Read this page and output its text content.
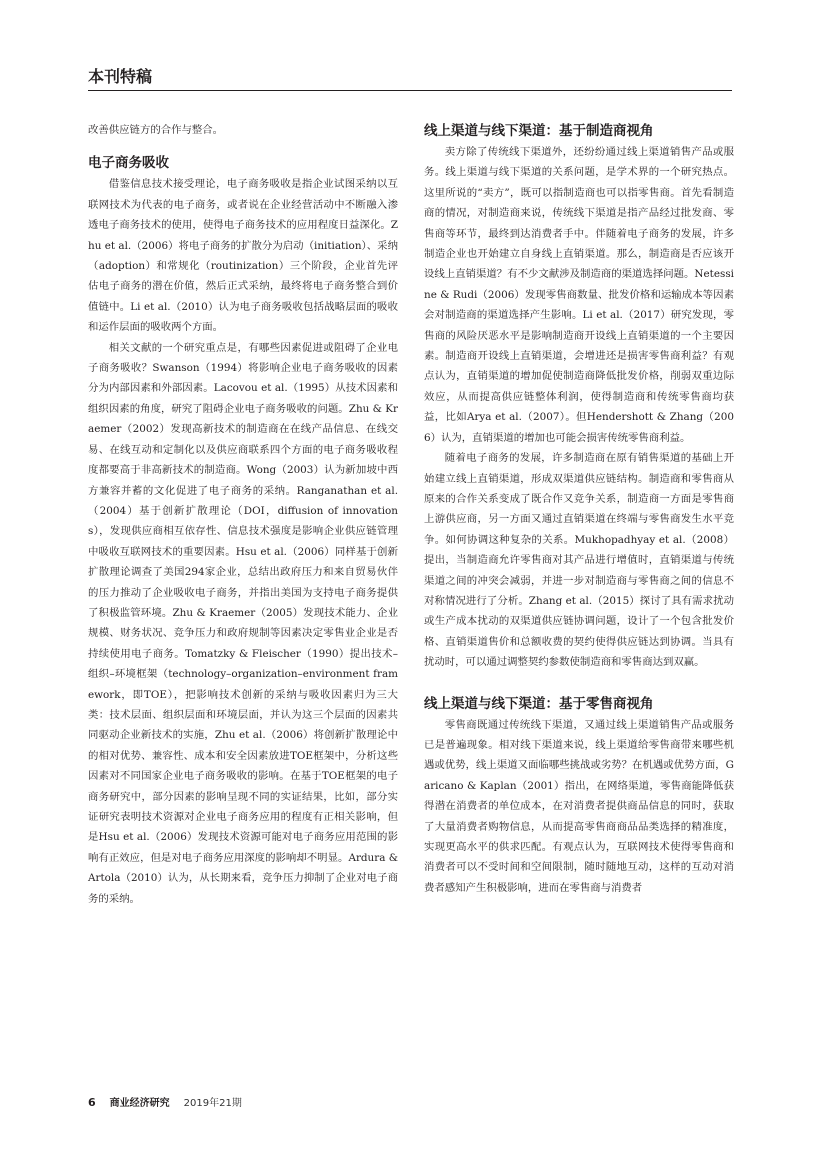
本刊特稿

改善供应链方的合作与整合。

电子商务吸收

借鉴信息技术接受理论，电子商务吸收是指企业试图采纳以互联网技术为代表的电子商务，或者说在企业经营活动中不断融入渗透电子商务技术的使用，使得电子商务技术的应用程度日益深化。Zhu et al.（2006）将电子商务的扩散分为启动（initiation）、采纳（adoption）和常规化（routinization）三个阶段，企业首先评估电子商务的潜在价值，然后正式采纳，最终将电子商务整合到价值链中。Li et al.（2010）认为电子商务吸收包括战略层面的吸收和运作层面的吸收两个方面。

相关文献的一个研究重点是，有哪些因素促进或阻碍了企业电子商务吸收？Swanson（1994）将影响企业电子商务吸收的因素分为内部因素和外部因素。Lacovou et al.（1995）从技术因素和组织因素的角度，研究了阻碍企业电子商务吸收的问题。Zhu & Kraemer（2002）发现高新技术的制造商在在线产品信息、在线交易、在线互动和定制化以及供应商联系四个方面的电子商务吸收程度都要高于非高新技术的制造商。Wong（2003）认为新加坡中西方兼容并蓄的文化促进了电子商务的采纳。Ranganathan et al.（2004）基于创新扩散理论（DOI，diffusion of innovations），发现供应商相互依存性、信息技术强度是影响企业供应链管理中吸收互联网技术的重要因素。Hsu et al.（2006）同样基于创新扩散理论调查了美国294家企业，总结出政府压力和来自贸易伙伴的压力推动了企业吸收电子商务，并指出美国为支持电子商务提供了积极监管环境。Zhu & Kraemer（2005）发现技术能力、企业规模、财务状况、竞争压力和政府规制等因素决定零售业企业是否持续使用电子商务。Tomatzky & Fleischer（1990）提出技术–组织–环境框架（technology–organization–environment framework，即TOE），把影响技术创新的采纳与吸收因素归为三大类：技术层面、组织层面和环境层面，并认为这三个层面的因素共同驱动企业新技术的实施，Zhu et al.（2006）将创新扩散理论中的相对优势、兼容性、成本和安全因素放进TOE框架中，分析这些因素对不同国家企业电子商务吸收的影响。在基于TOE框架的电子商务研究中，部分因素的影响呈现不同的实证结果，比如，部分实证研究表明技术资源对企业电子商务应用的程度有正相关影响，但是Hsu et al.（2006）发现技术资源可能对电子商务应用范围的影响有正效应，但是对电子商务应用深度的影响却不明显。Ardura & Artola（2010）认为，从长期来看，竞争压力抑制了企业对电子商务的采纳。

线上渠道与线下渠道：基于制造商视角

卖方除了传统线下渠道外，还纷纷通过线上渠道销售产品或服务。线上渠道与线下渠道的关系问题，是学术界的一个研究热点。这里所说的“卖方”，既可以指制造商也可以指零售商。首先看制造商的情况，对制造商来说，传统线下渠道是指产品经过批发商、零售商等环节，最终到达消费者手中。伴随着电子商务的发展，许多制造企业也开始建立自身线上直销渠道。那么，制造商是否应该开设线上直销渠道？有不少文献涉及制造商的渠道选择问题。Netessine & Rudi（2006）发现零售商数量、批发价格和运输成本等因素会对制造商的渠道选择产生影响。Li et al.（2017）研究发现，零售商的风险厌恶水平是影响制造商开设线上直销渠道的一个主要因素。制造商开设线上直销渠道，会增进还是损害零售商利益？有观点认为，直销渠道的增加促使制造商降低批发价格，削弱双重边际效应，从而提高供应链整体利润，使得制造商和传统零售商均获益，比如Arya et al.（2007）。但Hendershott & Zhang（2006）认为，直销渠道的增加也可能会损害传统零售商利益。

随着电子商务的发展，许多制造商在原有销售渠道的基础上开始建立线上直销渠道，形成双渠道供应链结构。制造商和零售商从原来的合作关系变成了既合作又竞争关系，制造商一方面是零售商上游供应商，另一方面又通过直销渠道在终端与零售商发生水平竞争。如何协调这种复杂的关系。Mukhopadhyay et al.（2008）提出，当制造商允许零售商对其产品进行增值时，直销渠道与传统渠道之间的冲突会减弱，并进一步对制造商与零售商之间的信息不对称情况进行了分析。Zhang et al.（2015）探讨了具有需求扰动或生产成本扰动的双渠道供应链协调问题，设计了一个包含批发价格、直销渠道售价和总额收费的契约使得供应链达到协调。当具有扰动时，可以通过调整契约参数使制造商和零售商达到双赢。

线上渠道与线下渠道：基于零售商视角

零售商既通过传统线下渠道，又通过线上渠道销售产品或服务已是普遍现象。相对线下渠道来说，线上渠道给零售商带来哪些机遇或优势，线上渠道又面临哪些挑战或劣势？在机遇或优势方面，Garicano & Kaplan（2001）指出，在网络渠道，零售商能降低获得潜在消费者的单位成本，在对消费者提供商品信息的同时，获取了大量消费者购物信息，从而提高零售商商品品类选择的精准度，实现更高水平的供求匹配。有观点认为，互联网技术使得零售商和消费者可以不受时间和空间限制，随时随地互动，这样的互动对消费者感知产生积极影响，进而在零售商与消费者

6 商业经济研究 2019年21期
